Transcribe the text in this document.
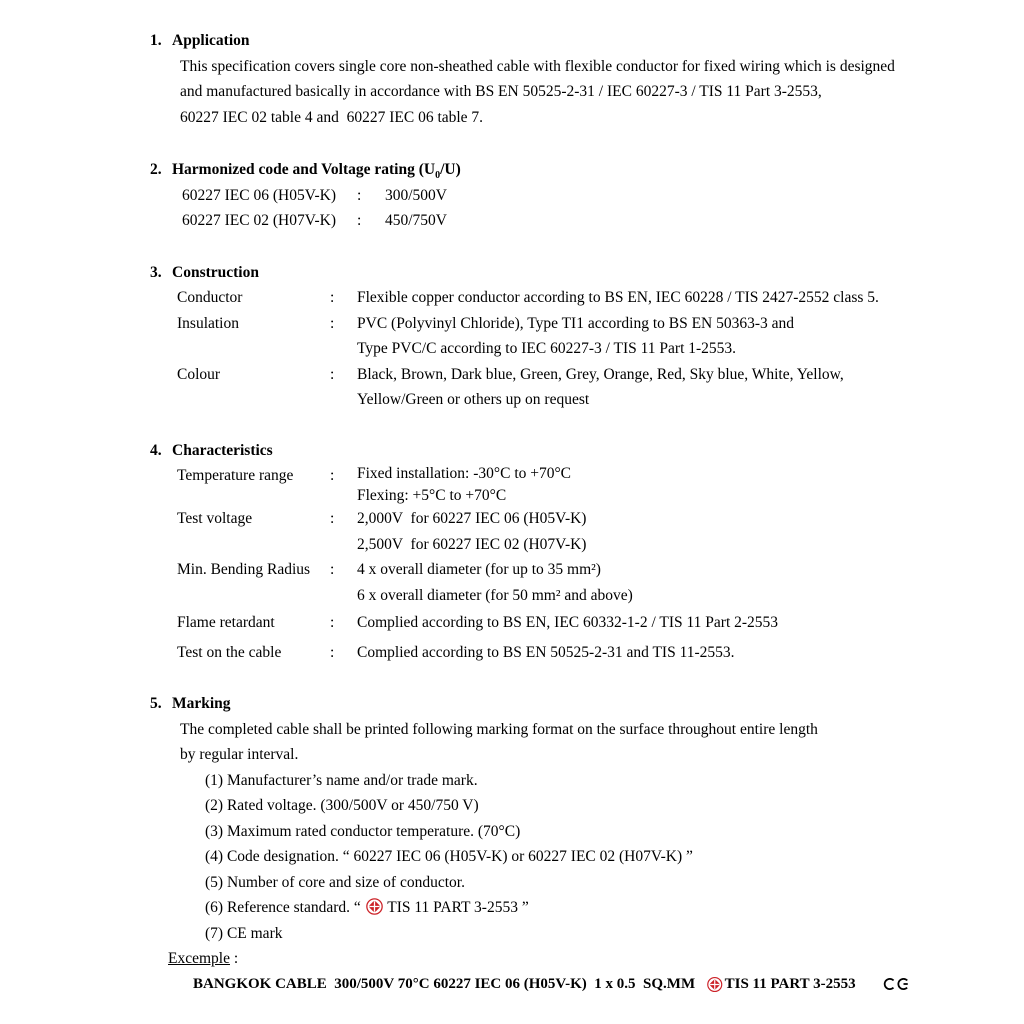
1. Application
This specification covers single core non-sheathed cable with flexible conductor for fixed wiring which is designed
and manufactured basically in accordance with BS EN 50525-2-31 / IEC 60227-3 / TIS 11 Part 3-2553,
60227 IEC 02 table 4 and  60227 IEC 06 table 7.
2. Harmonized code and Voltage rating $(U_0/U)$
60227 IEC 06 (H05V-K)	:	300/500V
60227 IEC 02 (H07V-K)	:	450/750V
3. Construction
Conductor	:	Flexible copper conductor according to BS EN, IEC 60228 / TIS 2427-2552 class 5.
Insulation	:	PVC (Polyvinyl Chloride), Type TI1 according to BS EN 50363-3 and
Type PVC/C according to IEC 60227-3 / TIS 11 Part 1-2553.
Colour	:	Black, Brown, Dark blue, Green, Grey, Orange, Red, Sky blue, White, Yellow,
Yellow/Green or others up on request
4. Characteristics
Temperature range	:	Fixed installation: -30°C to +70°C
Flexing: +5°C to +70°C
Test voltage	:	2,000V  for 60227 IEC 06 (H05V-K)
2,500V  for 60227 IEC 02 (H07V-K)
Min. Bending Radius	:	4 x overall diameter (for up to 35 mm²)
6 x overall diameter (for 50 mm² and above)
Flame retardant	:	Complied according to BS EN, IEC 60332-1-2 / TIS 11 Part 2-2553
Test on the cable	:	Complied according to BS EN 50525-2-31 and TIS 11-2553.
5. Marking
The completed cable shall be printed following marking format on the surface throughout entire length
by regular interval.
(1) Manufacturer’s name and/or trade mark.
(2) Rated voltage. (300/500V or 450/750 V)
(3) Maximum rated conductor temperature. (70°C)
(4) Code designation. “ 60227 IEC 06 (H05V-K) or 60227 IEC 02 (H07V-K) ”
(5) Number of core and size of conductor.
(6) Reference standard. “  TIS 11 PART 3-2553 ”
(7) CE mark
Excemple :
BANGKOK CABLE  300/500V 70°C 60227 IEC 06 (H05V-K)  1 x 0.5  SQ.MM TIS 11 PART 3-2553
